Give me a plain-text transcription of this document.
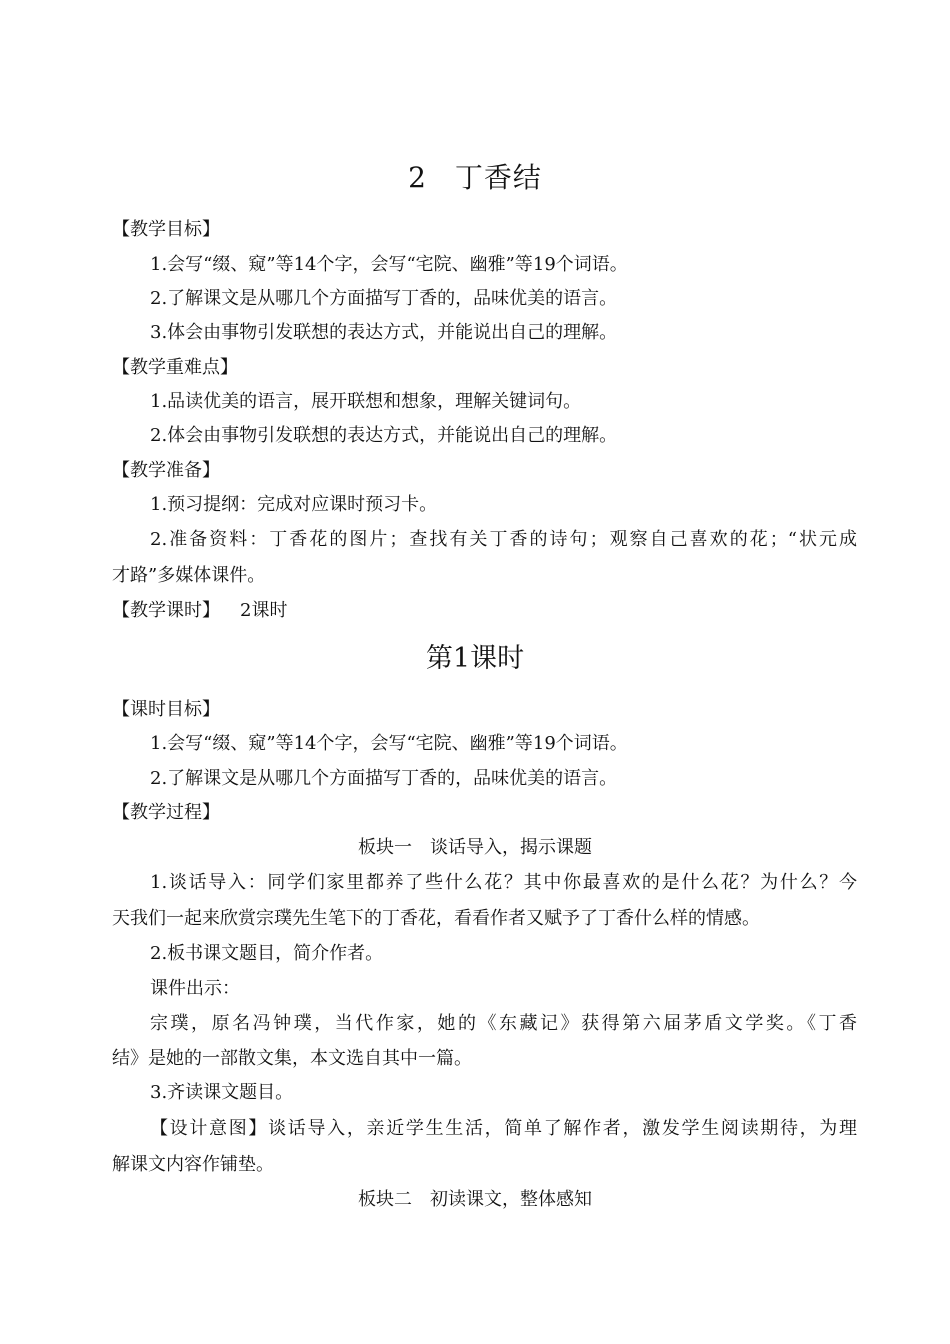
2 丁香结
【教学目标】
1.会写“缀、窥”等14个字，会写“宅院、幽雅”等19个词语。
2.了解课文是从哪几个方面描写丁香的，品味优美的语言。
3.体会由事物引发联想的表达方式，并能说出自己的理解。
【教学重难点】
1.品读优美的语言，展开联想和想象，理解关键词句。
2.体会由事物引发联想的表达方式，并能说出自己的理解。
【教学准备】
1.预习提纲：完成对应课时预习卡。
2.准备资料：丁香花的图片；查找有关丁香的诗句；观察自己喜欢的花；“状元成
才路”多媒体课件。
【教学课时】 2课时
第1课时
【课时目标】
1.会写“缀、窥”等14个字，会写“宅院、幽雅”等19个词语。
2.了解课文是从哪几个方面描写丁香的，品味优美的语言。
【教学过程】
板块一　谈话导入，揭示课题
1.谈话导入：同学们家里都养了些什么花？其中你最喜欢的是什么花？为什么？今
天我们一起来欣赏宗璞先生笔下的丁香花，看看作者又赋予了丁香什么样的情感。
2.板书课文题目，简介作者。
课件出示：
宗璞，原名冯钟璞，当代作家，她的《东藏记》获得第六届茅盾文学奖。《丁香
结》是她的一部散文集，本文选自其中一篇。
3.齐读课文题目。
【设计意图】谈话导入，亲近学生生活，简单了解作者，激发学生阅读期待，为理
解课文内容作铺垫。
板块二　初读课文，整体感知
